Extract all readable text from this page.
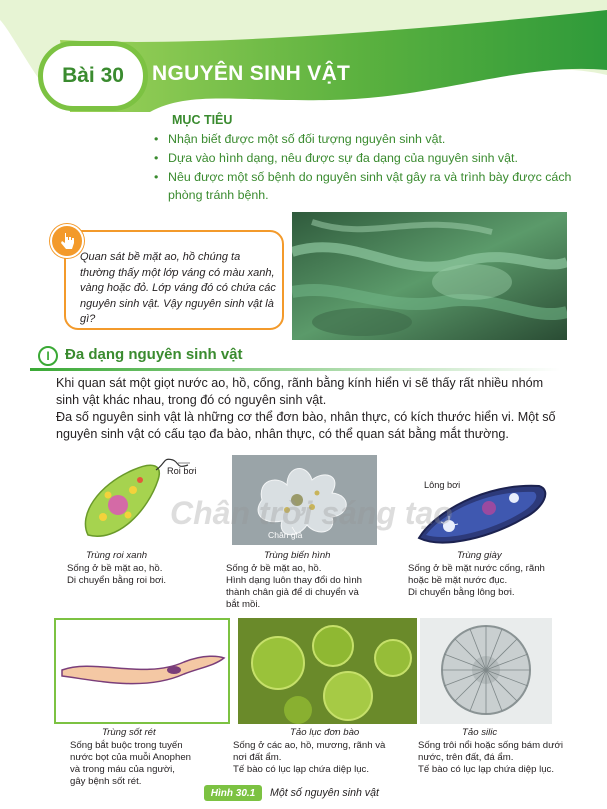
Bài 30 NGUYÊN SINH VẬT
MỤC TIÊU
• Nhận biết được một số đối tượng nguyên sinh vật.
• Dựa vào hình dạng, nêu được sự đa dạng của nguyên sinh vật.
• Nêu được một số bệnh do nguyên sinh vật gây ra và trình bày được cách phòng tránh bệnh.
Quan sát bề mặt ao, hồ chúng ta thường thấy một lớp váng có màu xanh, vàng hoặc đỏ. Lớp váng đó có chứa các nguyên sinh vật. Vậy nguyên sinh vật là gì?
I	Đa dạng nguyên sinh vật
Khi quan sát một giọt nước ao, hồ, cống, rãnh bằng kính hiển vi sẽ thấy rất nhiều nhóm sinh vật khác nhau, trong đó có nguyên sinh vật.
Đa số nguyên sinh vật là những cơ thể đơn bào, nhân thực, có kích thước hiển vi. Một số nguyên sinh vật có cấu tạo đa bào, nhân thực, có thể quan sát bằng mắt thường.
Roi bơi
Chân giả
Lông bơi
Chân trời sáng tạo
Trùng roi xanh
Sống ở bề mặt ao, hồ.
Di chuyển bằng roi bơi.
Trùng biến hình
Sống ở bề mặt ao, hồ.
Hình dạng luôn thay đổi do hình
thành chân giả để di chuyển và
bắt mồi.
Trùng giày
Sống ở bề mặt nước cống, rãnh
hoặc bề mặt nước đục.
Di chuyển bằng lông bơi.
Trùng sốt rét
Sống bắt buộc trong tuyến
nước bọt của muỗi Anophen
và trong máu của người,
gây bệnh sốt rét.
Tảo lục đơn bào
Sống ở các ao, hồ, mương, rãnh và
nơi đất ẩm.
Tế bào có lục lạp chứa diệp lục.
Tảo silic
Sống trôi nổi hoặc sống bám dưới
nước, trên đất, đá ẩm.
Tế bào có lục lạp chứa diệp lục.
Hình 30.1	Một số nguyên sinh vật
